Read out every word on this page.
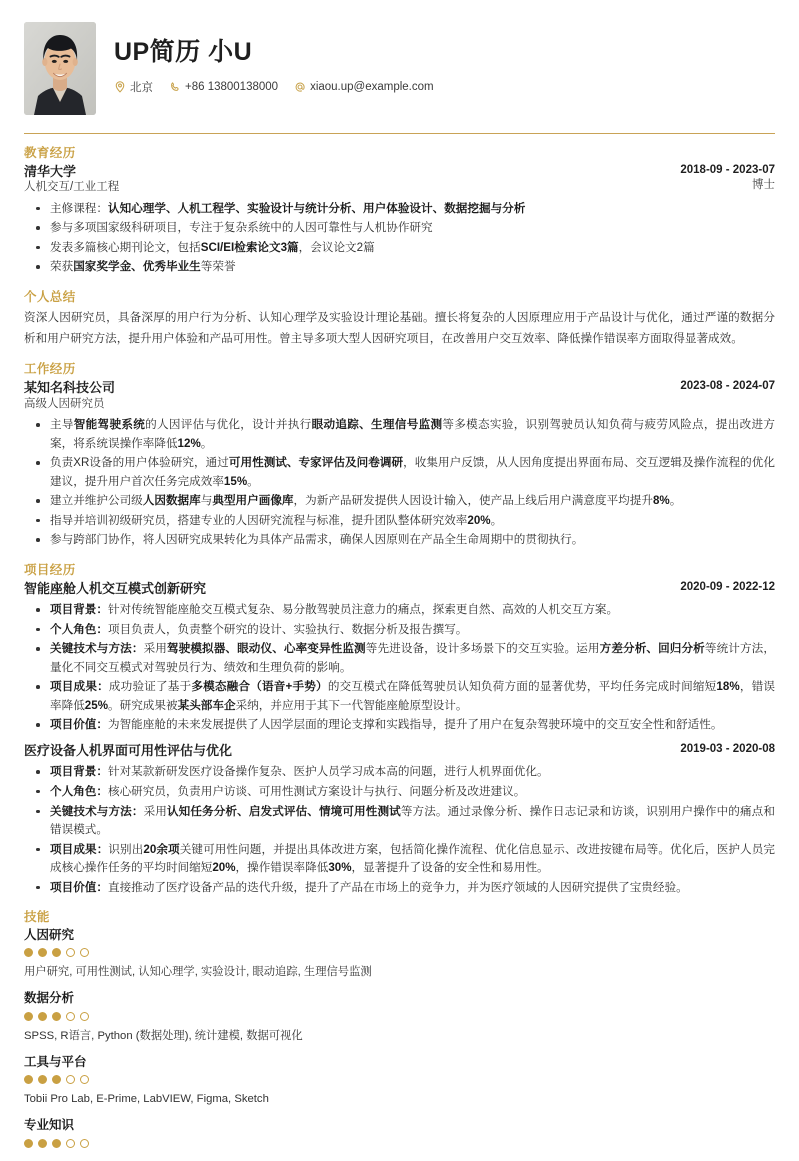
UP简历 小U
北京	+86 13800138000	xiaou.up@example.com
教育经历
清华大学
人机交互/工业工程
2018-09 - 2023-07
博士
主修课程：认知心理学、人机工程学、实验设计与统计分析、用户体验设计、数据挖掘与分析
参与多项国家级科研项目，专注于复杂系统中的人因可靠性与人机协作研究
发表多篇核心期刊论文，包括SCI/EI检索论文3篇，会议论文2篇
荣获国家奖学金、优秀毕业生等荣誉
个人总结
资深人因研究员，具备深厚的用户行为分析、认知心理学及实验设计理论基础。擅长将复杂的人因原理应用于产品设计与优化，通过严谨的数据分析和用户研究方法，提升用户体验和产品可用性。曾主导多项大型人因研究项目，在改善用户交互效率、降低操作错误率方面取得显著成效。
工作经历
某知名科技公司
高级人因研究员
2023-08 - 2024-07
主导智能驾驶系统的人因评估与优化，设计并执行眼动追踪、生理信号监测等多模态实验，识别驾驶员认知负荷与疲劳风险点，提出改进方案，将系统误操作率降低12%。
负责XR设备的用户体验研究，通过可用性测试、专家评估及问卷调研，收集用户反馈，从人因角度提出界面布局、交互逻辑及操作流程的优化建议，提升用户首次任务完成效率15%。
建立并维护公司级人因数据库与典型用户画像库，为新产品研发提供人因设计输入，使产品上线后用户满意度平均提升8%。
指导并培训初级研究员，搭建专业的人因研究流程与标准，提升团队整体研究效率20%。
参与跨部门协作，将人因研究成果转化为具体产品需求，确保人因原则在产品全生命周期中的贯彻执行。
项目经历
智能座舱人机交互模式创新研究	2020-09 - 2022-12
项目背景：针对传统智能座舱交互模式复杂、易分散驾驶员注意力的痛点，探索更自然、高效的人机交互方案。
个人角色：项目负责人，负责整个研究的设计、实验执行、数据分析及报告撰写。
关键技术与方法：采用驾驶模拟器、眼动仪、心率变异性监测等先进设备，设计多场景下的交互实验。运用方差分析、回归分析等统计方法，量化不同交互模式对驾驶员行为、绩效和生理负荷的影响。
项目成果：成功验证了基于多模态融合（语音+手势）的交互模式在降低驾驶员认知负荷方面的显著优势，平均任务完成时间缩短18%，错误率降低25%。研究成果被某头部车企采纳，并应用于其下一代智能座舱原型设计。
项目价值：为智能座舱的未来发展提供了人因学层面的理论支撑和实践指导，提升了用户在复杂驾驶环境中的交互安全性和舒适性。
医疗设备人机界面可用性评估与优化	2019-03 - 2020-08
项目背景：针对某款新研发医疗设备操作复杂、医护人员学习成本高的问题，进行人机界面优化。
个人角色：核心研究员，负责用户访谈、可用性测试方案设计与执行、问题分析及改进建议。
关键技术与方法：采用认知任务分析、启发式评估、情境可用性测试等方法。通过录像分析、操作日志记录和访谈，识别用户操作中的痛点和错误模式。
项目成果：识别出20余项关键可用性问题，并提出具体改进方案，包括简化操作流程、优化信息显示、改进按键布局等。优化后，医护人员完成核心操作任务的平均时间缩短20%，操作错误率降低30%，显著提升了设备的安全性和易用性。
项目价值：直接推动了医疗设备产品的迭代升级，提升了产品在市场上的竞争力，并为医疗领域的人因研究提供了宝贵经验。
技能
人因研究
用户研究, 可用性测试, 认知心理学, 实验设计, 眼动追踪, 生理信号监测
数据分析
SPSS, R语言, Python (数据处理), 统计建模, 数据可视化
工具与平台
Tobii Pro Lab, E-Prime, LabVIEW, Figma, Sketch
专业知识
